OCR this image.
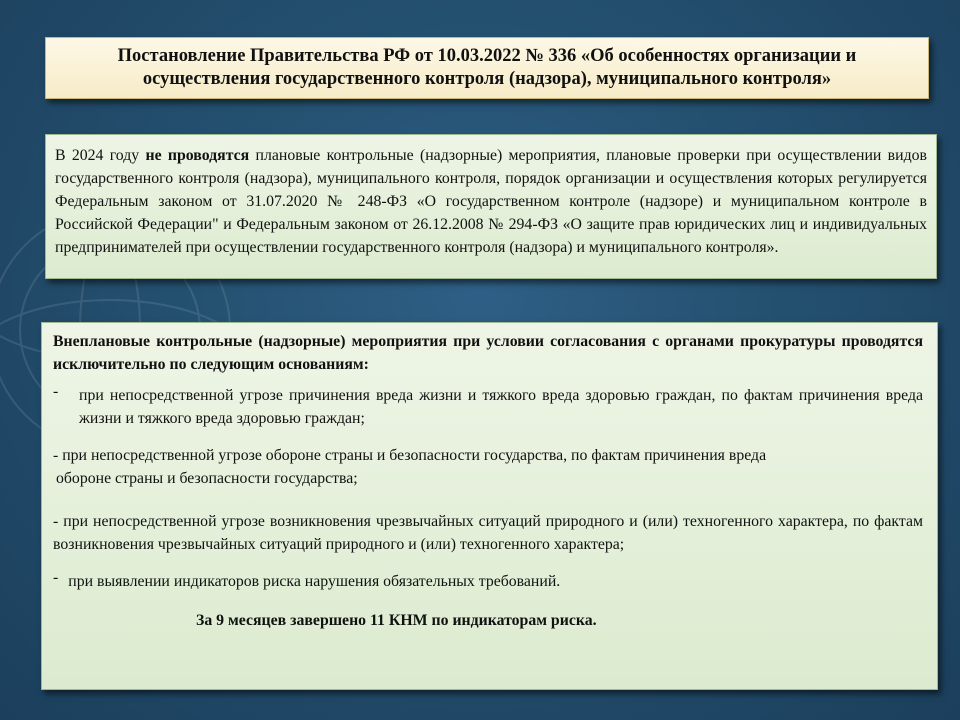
Постановление Правительства РФ от 10.03.2022 № 336 «Об особенностях организации и осуществления государственного контроля (надзора), муниципального контроля»
В 2024 году не проводятся плановые контрольные (надзорные) мероприятия, плановые проверки при осуществлении видов государственного контроля (надзора), муниципального контроля, порядок организации и осуществления которых регулируется Федеральным законом от 31.07.2020 № 248-ФЗ «О государственном контроле (надзоре) и муниципальном контроле в Российской Федерации" и Федеральным законом от 26.12.2008 № 294-ФЗ «О защите прав юридических лиц и индивидуальных предпринимателей при осуществлении государственного контроля (надзора) и муниципального контроля».
Внеплановые контрольные (надзорные) мероприятия при условии согласования с органами прокуратуры проводятся исключительно по следующим основаниям:
- при непосредственной угрозе причинения вреда жизни и тяжкого вреда здоровью граждан, по фактам причинения вреда жизни и тяжкого вреда здоровью граждан;
- при непосредственной угрозе обороне страны и безопасности государства, по фактам причинения вреда
обороне страны и безопасности государства;
- при непосредственной угрозе возникновения чрезвычайных ситуаций природного и (или) техногенного характера, по фактам возникновения чрезвычайных ситуаций природного и (или) техногенного характера;
- при выявлении индикаторов риска нарушения обязательных требований.
За 9 месяцев завершено 11 КНМ по индикаторам риска.
